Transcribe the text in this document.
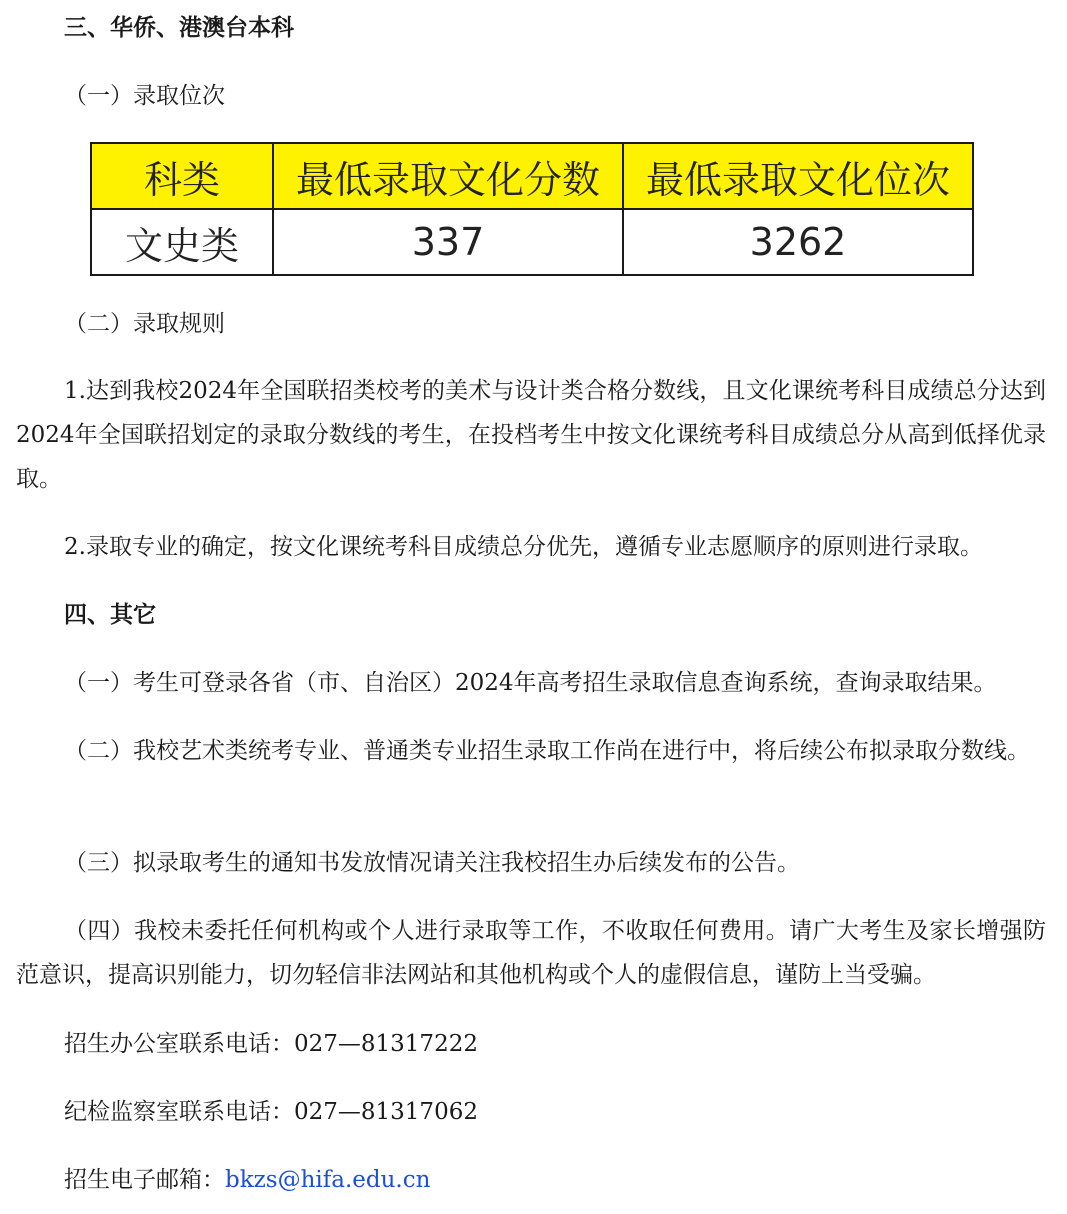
三、华侨、港澳台本科
（一）录取位次
科类	最低录取文化分数	最低录取文化位次
文史类	337	3262
（二）录取规则
1.达到我校2024年全国联招类校考的美术与设计类合格分数线，且文化课统考科目成绩总分达到2024年全国联招划定的录取分数线的考生，在投档考生中按文化课统考科目成绩总分从高到低择优录取。
2.录取专业的确定，按文化课统考科目成绩总分优先，遵循专业志愿顺序的原则进行录取。
四、其它
（一）考生可登录各省（市、自治区）2024年高考招生录取信息查询系统，查询录取结果。
（二）我校艺术类统考专业、普通类专业招生录取工作尚在进行中，将后续公布拟录取分数线。
（三）拟录取考生的通知书发放情况请关注我校招生办后续发布的公告。
（四）我校未委托任何机构或个人进行录取等工作，不收取任何费用。请广大考生及家长增强防范意识，提高识别能力，切勿轻信非法网站和其他机构或个人的虚假信息，谨防上当受骗。
招生办公室联系电话：027—81317222
纪检监察室联系电话：027—81317062
招生电子邮箱：bkzs@hifa.edu.cn
